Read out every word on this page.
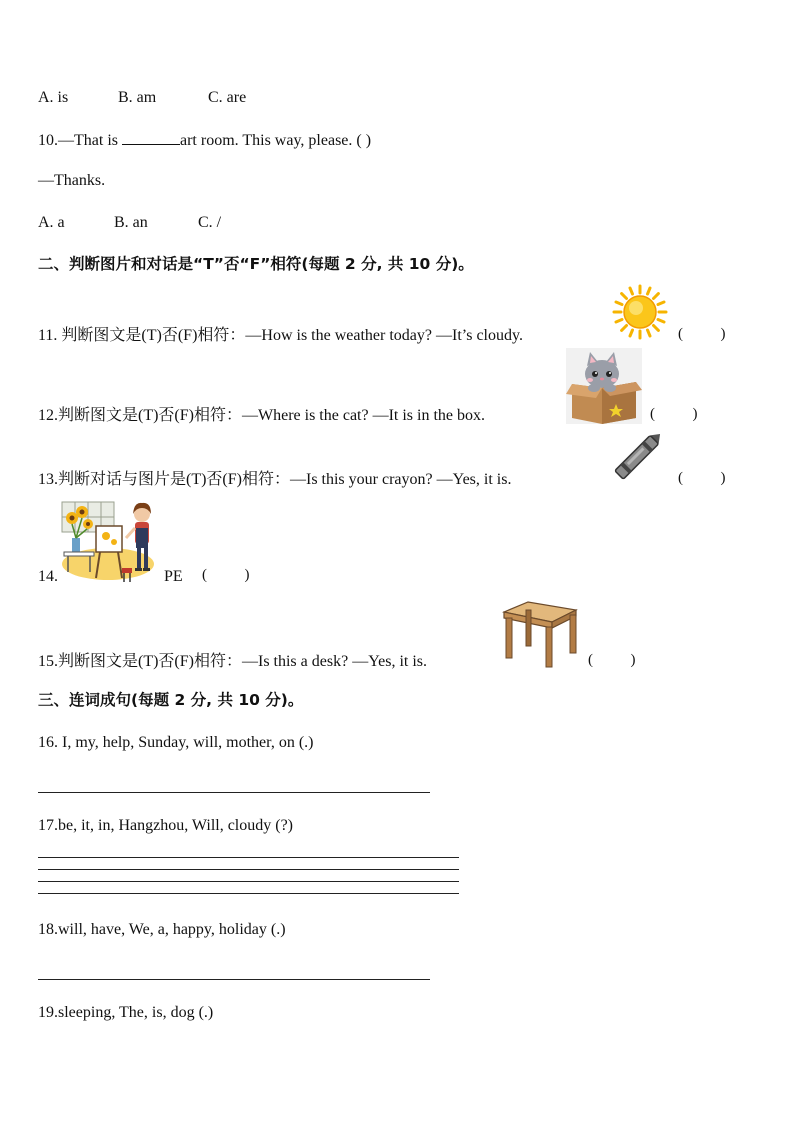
A. is	B. am	C. are
10.—That is	art room. This way, please. ( )
—Thanks.
A. a	B. an	C. /
二、判断图片和对话是“T”否“F”相符(每题 2 分, 共 10 分)。
11. 判断图文是(T)否(F)相符：—How is the weather today? —It’s cloudy.	(          )
12.判断图文是(T)否(F)相符：—Where is the cat? —It is in the box.	(          )
13.判断对话与图片是(T)否(F)相符：—Is this your crayon? —Yes, it is.	(          )
14.	PE (          )
15.判断图文是(T)否(F)相符：—Is this a desk? —Yes, it is.	(          )
三、连词成句(每题 2 分, 共 10 分)。
16. I, my, help, Sunday, will, mother, on (.)
17.be, it, in, Hangzhou, Will, cloudy (?)
18.will, have, We, a, happy, holiday (.)
19.sleeping, The, is, dog (.)
